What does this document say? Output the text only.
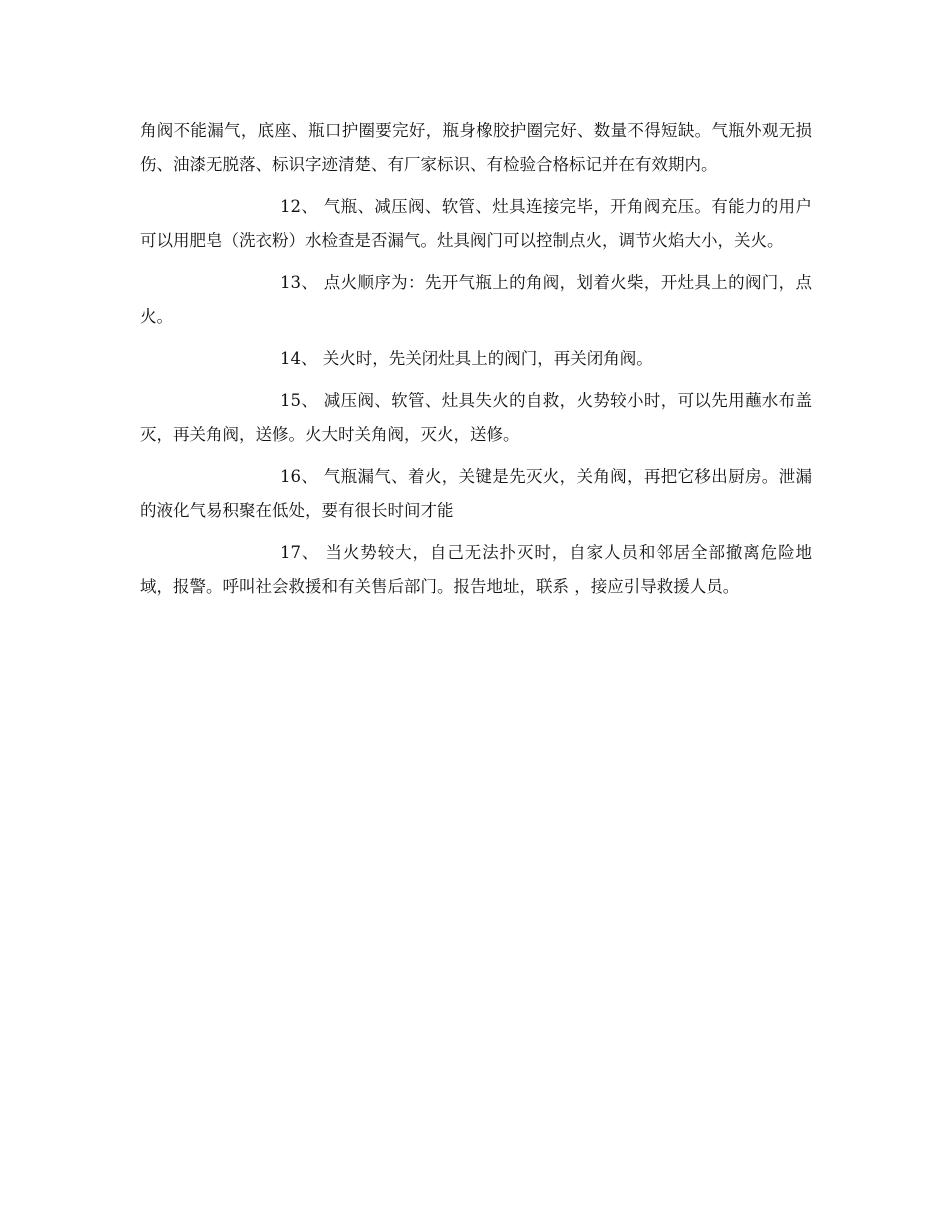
角阀不能漏气，底座、瓶口护圈要完好，瓶身橡胶护圈完好、数量不得短缺。气瓶外观无损伤、油漆无脱落、标识字迹清楚、有厂家标识、有检验合格标记并在有效期内。

12、 气瓶、减压阀、软管、灶具连接完毕，开角阀充压。有能力的用户可以用肥皂（洗衣粉）水检查是否漏气。灶具阀门可以控制点火，调节火焰大小，关火。

13、 点火顺序为：先开气瓶上的角阀，划着火柴，开灶具上的阀门，点火。

14、 关火时，先关闭灶具上的阀门，再关闭角阀。

15、 减压阀、软管、灶具失火的自救，火势较小时，可以先用蘸水布盖灭，再关角阀，送修。火大时关角阀，灭火，送修。

16、 气瓶漏气、着火，关键是先灭火，关角阀，再把它移出厨房。泄漏的液化气易积聚在低处，要有很长时间才能

17、 当火势较大，自己无法扑灭时，自家人员和邻居全部撤离危险地域，报警。呼叫社会救援和有关售后部门。报告地址，联系 ，接应引导救援人员。
